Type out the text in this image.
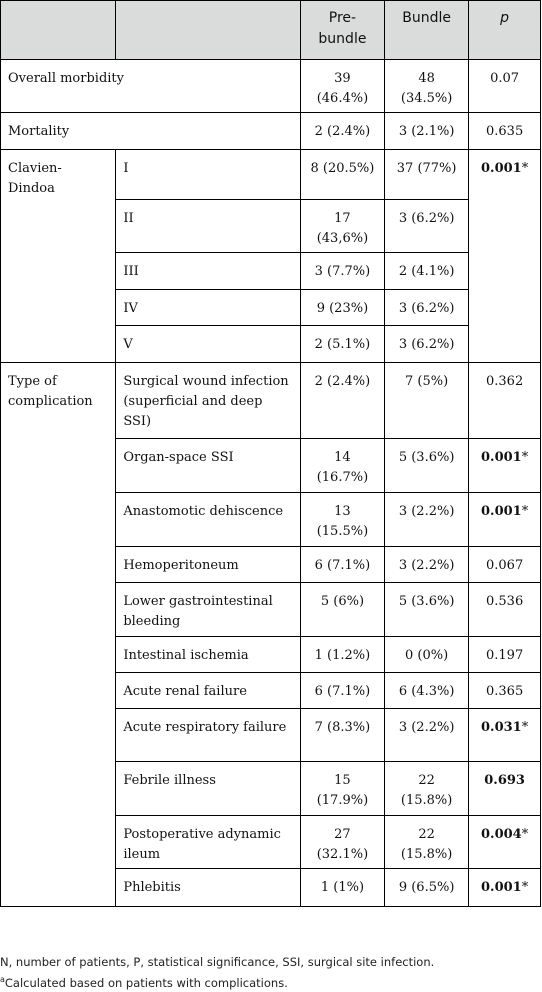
		Pre-bundle	Bundle	p
Overall morbidity		39 (46.4%)	48 (34.5%)	0.07
Mortality		2 (2.4%)	3 (2.1%)	0.635
Clavien-Dindoa	I	8 (20.5%)	37 (77%)	0.001*
	II	17 (43,6%)	3 (6.2%)	
	III	3 (7.7%)	2 (4.1%)	
	IV	9 (23%)	3 (6.2%)	
	V	2 (5.1%)	3 (6.2%)	
Type of complication	Surgical wound infection (superficial and deep SSI)	2 (2.4%)	7 (5%)	0.362
	Organ-space SSI	14 (16.7%)	5 (3.6%)	0.001*
	Anastomotic dehiscence	13 (15.5%)	3 (2.2%)	0.001*
	Hemoperitoneum	6 (7.1%)	3 (2.2%)	0.067
	Lower gastrointestinal bleeding	5 (6%)	5 (3.6%)	0.536
	Intestinal ischemia	1 (1.2%)	0 (0%)	0.197
	Acute renal failure	6 (7.1%)	6 (4.3%)	0.365
	Acute respiratory failure	7 (8.3%)	3 (2.2%)	0.031*
	Febrile illness	15 (17.9%)	22 (15.8%)	0.693
	Postoperative adynamic ileum	27 (32.1%)	22 (15.8%)	0.004*
	Phlebitis	1 (1%)	9 (6.5%)	0.001*
N, number of patients, P, statistical significance, SSI, surgical site infection.
$^a$Calculated based on patients with complications.
